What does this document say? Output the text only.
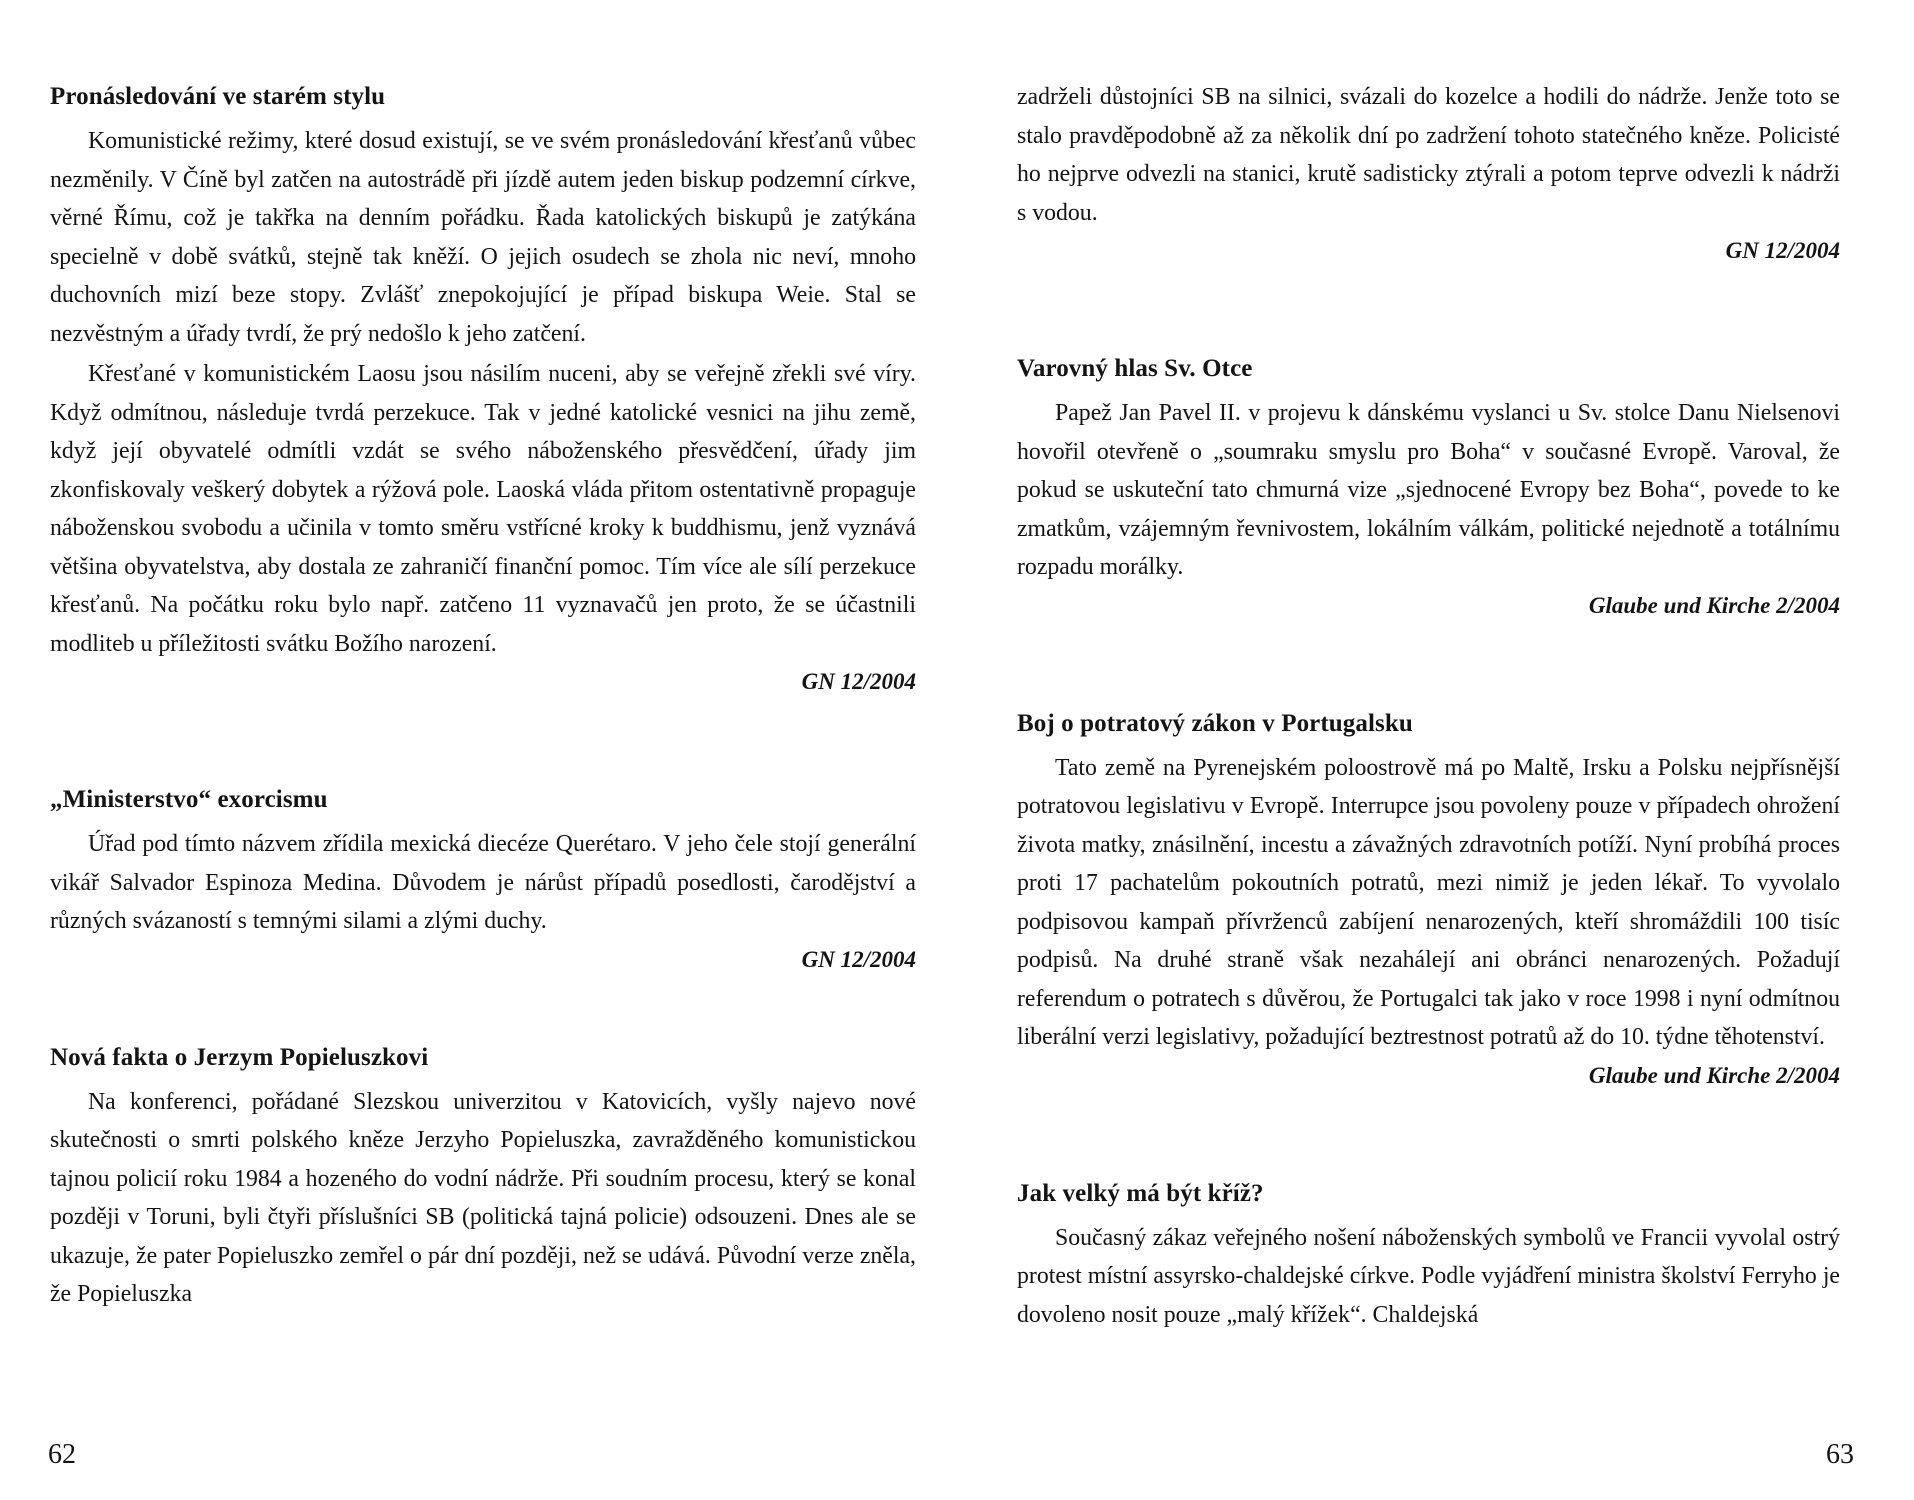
Pronásledování ve starém stylu

Komunistické režimy, které dosud existují, se ve svém pronásledování křesťanů vůbec nezměnily. V Číně byl zatčen na autostrádě při jízdě autem jeden biskup podzemní církve, věrné Římu, což je takřka na denním pořádku. Řada katolických biskupů je zatýkána specielně v době svátků, stejně tak kněží. O jejich osudech se zhola nic neví, mnoho duchovních mizí beze stopy. Zvlášť znepokojující je případ biskupa Weie. Stal se nezvěstným a úřady tvrdí, že prý nedošlo k jeho zatčení.

Křesťané v komunistickém Laosu jsou násilím nuceni, aby se veřejně zřekli své víry. Když odmítnou, následuje tvrdá perzekuce. Tak v jedné katolické vesnici na jihu země, když její obyvatelé odmítli vzdát se svého náboženského přesvědčení, úřady jim zkonfiskovaly veškerý dobytek a rýžová pole. Laoská vláda přitom ostentativně propaguje náboženskou svobodu a učinila v tomto směru vstřícné kroky k buddhismu, jenž vyznává většina obyvatelstva, aby dostala ze zahraničí finanční pomoc. Tím více ale sílí perzekuce křesťanů. Na počátku roku bylo např. zatčeno 11 vyznavačů jen proto, že se účastnili modliteb u příležitosti svátku Božího narození.

GN 12/2004

„Ministerstvo“ exorcismu

Úřad pod tímto názvem zřídila mexická diecéze Querétaro. V jeho čele stojí generální vikář Salvador Espinoza Medina. Důvodem je nárůst případů posedlosti, čarodějství a různých svázaností s temnými silami a zlými duchy.

GN 12/2004

Nová fakta o Jerzym Popieluszkovi

Na konferenci, pořádané Slezskou univerzitou v Katovicích, vyšly najevo nové skutečnosti o smrti polského kněze Jerzyho Popieluszka, zavražděného komunistickou tajnou policií roku 1984 a hozeného do vodní nádrže. Při soudním procesu, který se konal později v Toruni, byli čtyři příslušníci SB (politická tajná policie) odsouzeni. Dnes ale se ukazuje, že pater Popieluszko zemřel o pár dní později, než se udává. Původní verze zněla, že Popieluszka

62

zadrželi důstojníci SB na silnici, svázali do kozelce a hodili do nádrže. Jenže toto se stalo pravděpodobně až za několik dní po zadržení tohoto statečného kněze. Policisté ho nejprve odvezli na stanici, krutě sadisticky ztýrali a potom teprve odvezli k nádrži s vodou.

GN 12/2004

Varovný hlas Sv. Otce

Papež Jan Pavel II. v projevu k dánskému vyslanci u Sv. stolce Danu Nielsenovi hovořil otevřeně o „soumraku smyslu pro Boha“ v současné Evropě. Varoval, že pokud se uskuteční tato chmurná vize „sjednocené Evropy bez Boha“, povede to ke zmatkům, vzájemným řevnivostem, lokálním válkám, politické nejednotě a totálnímu rozpadu morálky.

Glaube und Kirche 2/2004

Boj o potratový zákon v Portugalsku

Tato země na Pyrenejském poloostrově má po Maltě, Irsku a Polsku nejpřísnější potratovou legislativu v Evropě. Interrupce jsou povoleny pouze v případech ohrožení života matky, znásilnění, incestu a závažných zdravotních potíží. Nyní probíhá proces proti 17 pachatelům pokoutních potratů, mezi nimiž je jeden lékař. To vyvolalo podpisovou kampaň přívrženců zabíjení nenarozených, kteří shromáždili 100 tisíc podpisů. Na druhé straně však nezahálejí ani obránci nenarozených. Požadují referendum o potratech s důvěrou, že Portugalci tak jako v roce 1998 i nyní odmítnou liberální verzi legislativy, požadující beztrestnost potratů až do 10. týdne těhotenství.

Glaube und Kirche 2/2004

Jak velký má být kříž?

Současný zákaz veřejného nošení náboženských symbolů ve Francii vyvolal ostrý protest místní assyrsko-chaldejské církve. Podle vyjádření ministra školství Ferryho je dovoleno nosit pouze „malý křížek“. Chaldejská

63
